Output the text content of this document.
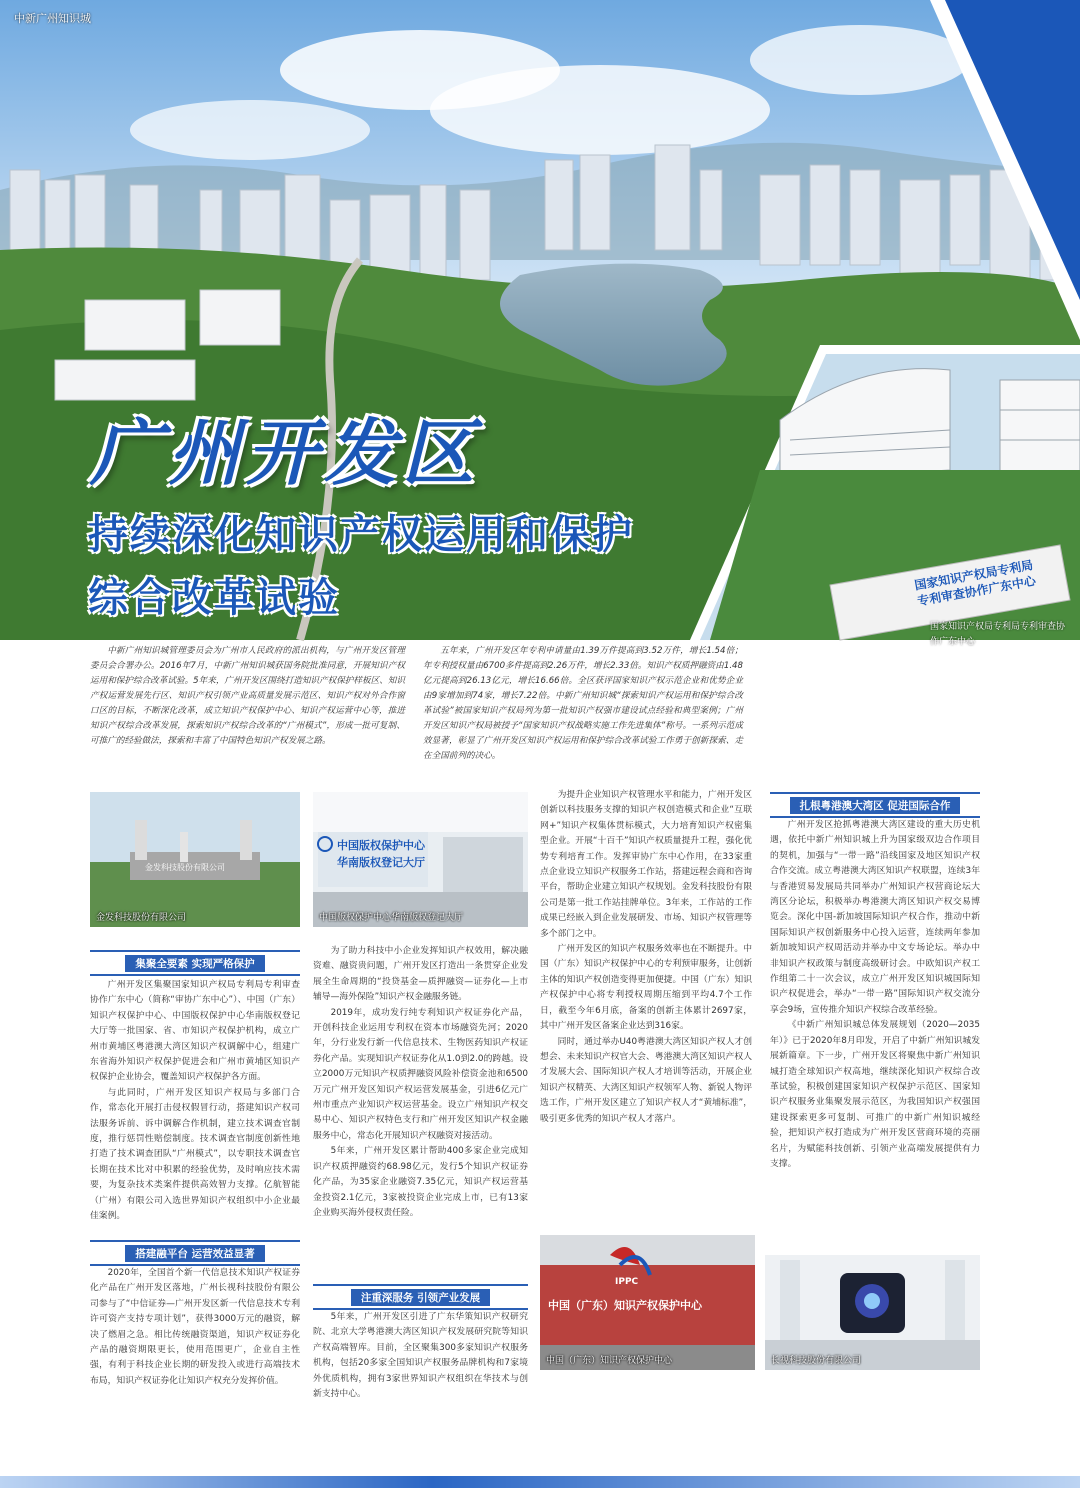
中新广州知识城
国家知识产权局专利局
专利审查协作广东中心
广州开发区
持续深化知识产权运用和保护
综合改革试验
国家知识产权局专利局专利审查协作广东中心
中新广州知识城管理委员会为广州市人民政府的派出机构，与广州开发区管理委员会合署办公。2016年7月，中新广州知识城获国务院批准同意，开展知识产权运用和保护综合改革试验。5年来，广州开发区围绕打造知识产权保护样板区、知识产权运营发展先行区、知识产权引领产业高质量发展示范区、知识产权对外合作窗口区的目标，不断深化改革，成立知识产权保护中心、知识产权运营中心等，推进知识产权综合改革发展，探索知识产权综合改革的“广州模式”，形成一批可复制、可推广的经验做法，探索和丰富了中国特色知识产权发展之路。
五年来，广州开发区年专利申请量由1.39万件提高到3.52万件，增长1.54倍；年专利授权量由6700多件提高到2.26万件，增长2.33倍。知识产权质押融资由1.48亿元提高到26.13亿元，增长16.66倍。全区获评国家知识产权示范企业和优势企业由9家增加到74家，增长7.22倍。中新广州知识城“探索知识产权运用和保护综合改革试验”被国家知识产权局列为第一批知识产权强市建设试点经验和典型案例；广州开发区知识产权局被授予“国家知识产权战略实施工作先进集体”称号。一系列示范成效显著，彰显了广州开发区知识产权运用和保护综合改革试验工作勇于创新探索、走在全国前列的决心。
金发科技股份有限公司
金发科技股份有限公司
中国版权保护中心
华南版权登记大厅
中国版权保护中心华南版权登记大厅
集聚全要素 实现严格保护

广州开发区集聚国家知识产权局专利局专利审查协作广东中心（简称“审协广东中心”）、中国（广东）知识产权保护中心、中国版权保护中心华南版权登记大厅等一批国家、省、市知识产权保护机构，成立广州市黄埔区粤港澳大湾区知识产权调解中心，组建广东省海外知识产权保护促进会和广州市黄埔区知识产权保护企业协会，覆盖知识产权保护各方面。

与此同时，广州开发区知识产权局与多部门合作，常态化开展打击侵权假冒行动，搭建知识产权司法服务诉前、诉中调解合作机制，建立技术调查官制度，推行惩罚性赔偿制度。技术调查官制度创新性地打造了技术调查团队“广州模式”，以专职技术调查官长期在技术比对中积累的经验优势，及时响应技术需要，为复杂技术类案件提供高效智力支撑。亿航智能（广州）有限公司入选世界知识产权组织中小企业最佳案例。

搭建融平台 运营效益显著

2020年，全国首个新一代信息技术知识产权证券化产品在广州开发区落地，广州长视科技股份有限公司参与了“中信证券—广州开发区新一代信息技术专利许可资产支持专项计划”，获得3000万元的融资，解决了燃眉之急。相比传统融资渠道，知识产权证券化产品的融资期限更长，使用范围更广，企业自主性强，有利于科技企业长期的研发投入或进行高端技术布局，知识产权证券化让知识产权充分发挥价值。

为了助力科技中小企业发挥知识产权效用，解决融资难、融资贵问题，广州开发区打造出一条贯穿企业发展全生命周期的“投贷基金—质押融资—证券化—上市辅导—海外保险”知识产权金融服务链。

2019年，成功发行纯专利知识产权证券化产品，开创科技企业运用专利权在资本市场融资先河；2020年，分行业发行新一代信息技术、生物医药知识产权证券化产品。实现知识产权证券化从1.0到2.0的跨越。设立2000万元知识产权质押融资风险补偿资金池和6500万元广州开发区知识产权运营发展基金，引进6亿元广州市重点产业知识产权运营基金。设立广州知识产权交易中心、知识产权特色支行和广州开发区知识产权金融服务中心，常态化开展知识产权融资对接活动。

5年来，广州开发区累计帮助400多家企业完成知识产权质押融资约68.98亿元，发行5个知识产权证券化产品，为35家企业融资7.35亿元，知识产权运营基金投资2.1亿元，3家被投资企业完成上市，已有13家企业购买海外侵权责任险。

注重深服务 引领产业发展

5年来，广州开发区引进了广东华策知识产权研究院、北京大学粤港澳大湾区知识产权发展研究院等知识产权高端智库。目前，全区聚集300多家知识产权服务机构，包括20多家全国知识产权服务品牌机构和7家境外优质机构，拥有3家世界知识产权组织在华技术与创新支持中心。

为提升企业知识产权管理水平和能力，广州开发区创新以科技服务支撑的知识产权创造模式和企业“互联网+”知识产权集体贯标模式，大力培育知识产权密集型企业。开展“十百千”知识产权质量提升工程，强化优势专利培育工作。发挥审协广东中心作用，在33家重点企业设立知识产权服务工作站，搭建远程会商和咨询平台，帮助企业建立知识产权规划。金发科技股份有限公司是第一批工作站挂牌单位。3年来，工作站的工作成果已经嵌入到企业发展研发、市场、知识产权管理等多个部门之中。

广州开发区的知识产权服务效率也在不断提升。中国（广东）知识产权保护中心的专利预审服务，让创新主体的知识产权创造变得更加便捷。中国（广东）知识产权保护中心将专利授权周期压缩到平均4.7个工作日，截至今年6月底，备案的创新主体累计2697家，其中广州开发区备案企业达到316家。

同时，通过举办U40粤港澳大湾区知识产权人才创想会、未来知识产权官大会、粤港澳大湾区知识产权人才发展大会、国际知识产权人才培训等活动，开展企业知识产权精英、大湾区知识产权领军人物、新锐人物评选工作，广州开发区建立了知识产权人才“黄埔标准”，吸引更多优秀的知识产权人才落户。

扎根粤港澳大湾区 促进国际合作

广州开发区抢抓粤港澳大湾区建设的重大历史机遇，依托中新广州知识城上升为国家级双边合作项目的契机，加强与“一带一路”沿线国家及地区知识产权合作交流。成立粤港澳大湾区知识产权联盟，连续3年与香港贸易发展局共同举办广州知识产权营商论坛大湾区分论坛，积极举办粤港澳大湾区知识产权交易博览会。深化中国-新加坡国际知识产权合作，推动中新国际知识产权创新服务中心投入运营，连续两年参加新加坡知识产权周活动并举办中文专场论坛。举办中非知识产权政策与制度高级研讨会。中欧知识产权工作组第二十一次会议，成立广州开发区知识城国际知识产权促进会，举办“一带一路”国际知识产权交流分享会9场，宣传推介知识产权综合改革经验。

《中新广州知识城总体发展规划（2020—2035年）》已于2020年8月印发，开启了中新广州知识城发展新篇章。下一步，广州开发区将聚焦中新广州知识城打造全球知识产权高地，继续深化知识产权综合改革试验，积极创建国家知识产权保护示范区、国家知识产权服务业集聚发展示范区，为我国知识产权强国建设探索更多可复制、可推广的中新广州知识城经验，把知识产权打造成为广州开发区营商环境的亮丽名片，为赋能科技创新、引领产业高端发展提供有力支撑。

IPPC
中国（广东）知识产权保护中心
中国（广东）知识产权保护中心	长视科技股份有限公司
